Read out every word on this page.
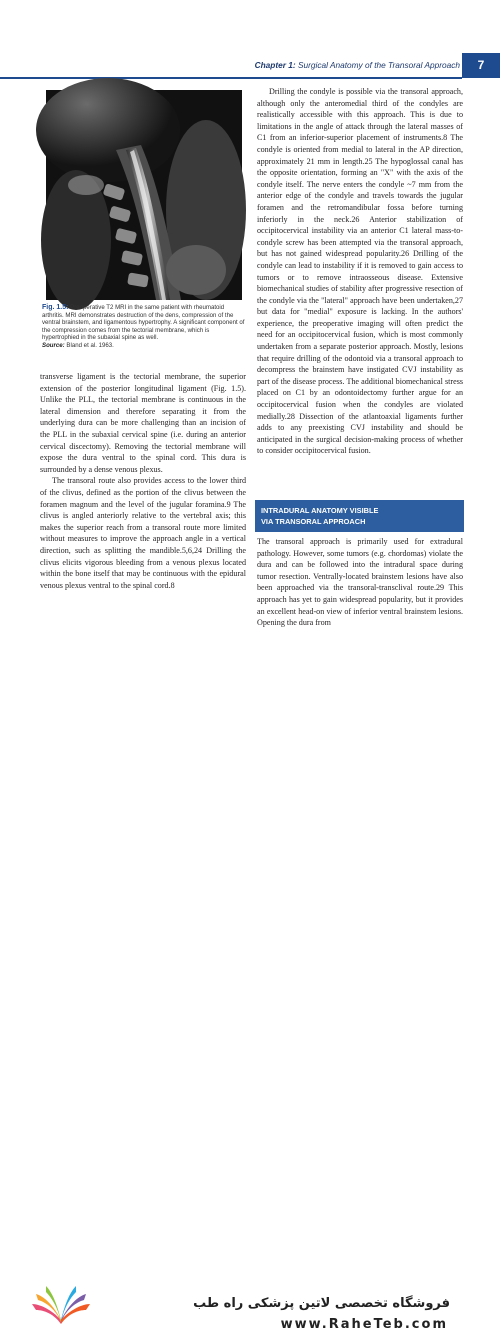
Chapter 1: Surgical Anatomy of the Transoral Approach	7
Fig. 1.5: Preoperative T2 MRI in the same patient with rheumatoid arthritis. MRI demonstrates destruction of the dens, compression of the ventral brainstem, and ligamentous hypertrophy. A significant component of the compression comes from the tectorial membrane, which is hypertrophied in the subaxial spine as well.
Source: Bland et al. 1963.

transverse ligament is the tectorial membrane, the superior extension of the posterior longitudinal ligament (Fig. 1.5). Unlike the PLL, the tectorial membrane is continuous in the lateral dimension and therefore separating it from the underlying dura can be more challenging than an incision of the PLL in the subaxial cervical spine (i.e. during an anterior cervical discectomy). Removing the tectorial membrane will expose the dura ventral to the spinal cord. This dura is surrounded by a dense venous plexus.

The transoral route also provides access to the lower third of the clivus, defined as the portion of the clivus between the foramen magnum and the level of the jugular foramina.9 The clivus is angled anteriorly relative to the vertebral axis; this makes the superior reach from a transoral route more limited without measures to improve the approach angle in a vertical direction, such as splitting the mandible.5,6,24 Drilling the clivus elicits vigorous bleeding from a venous plexus located within the bone itself that may be continuous with the epidural venous plexus ventral to the spinal cord.8

Drilling the condyle is possible via the transoral approach, although only the anteromedial third of the condyles are realistically accessible with this approach. This is due to limitations in the angle of attack through the lateral masses of C1 from an inferior-superior placement of instruments.8 The condyle is oriented from medial to lateral in the AP direction, approximately 21 mm in length.25 The hypoglossal canal has the opposite orientation, forming an "X" with the axis of the condyle itself. The nerve enters the condyle ~7 mm from the anterior edge of the condyle and travels towards the jugular foramen and the retromandibular fossa before turning inferiorly in the neck.26 Anterior stabilization of occipitocervical instability via an anterior C1 lateral mass-to-condyle screw has been attempted via the transoral approach, but has not gained widespread popularity.26 Drilling of the condyle can lead to instability if it is removed to gain access to tumors or to remove intraosseous disease. Extensive biomechanical studies of stability after progressive resection of the condyle via the "lateral" approach have been undertaken,27 but data for "medial" exposure is lacking. In the authors' experience, the preoperative imaging will often predict the need for an occipitocervical fusion, which is most commonly undertaken from a separate posterior approach. Mostly, lesions that require drilling of the odontoid via a transoral approach to decompress the brainstem have instigated CVJ instability as part of the disease process. The additional biomechanical stress placed on C1 by an odontoidectomy further argue for an occipitocervical fusion when the condyles are violated medially.28 Dissection of the atlantoaxial ligaments further adds to any preexisting CVJ instability and should be anticipated in the surgical decision-making process of whether to consider occipitocervical fusion.

INTRADURAL ANATOMY VISIBLE
VIA TRANSORAL APPROACH

The transoral approach is primarily used for extradural pathology. However, some tumors (e.g. chordomas) violate the dura and can be followed into the intradural space during tumor resection. Ventrally-located brainstem lesions have also been approached via the transoral-transclival route.29 This approach has yet to gain widespread popularity, but it provides an excellent head-on view of inferior ventral brainstem lesions. Opening the dura from

فروشگاه تخصصی لاتین پزشکی راه طب
www.RaheTeb.com
